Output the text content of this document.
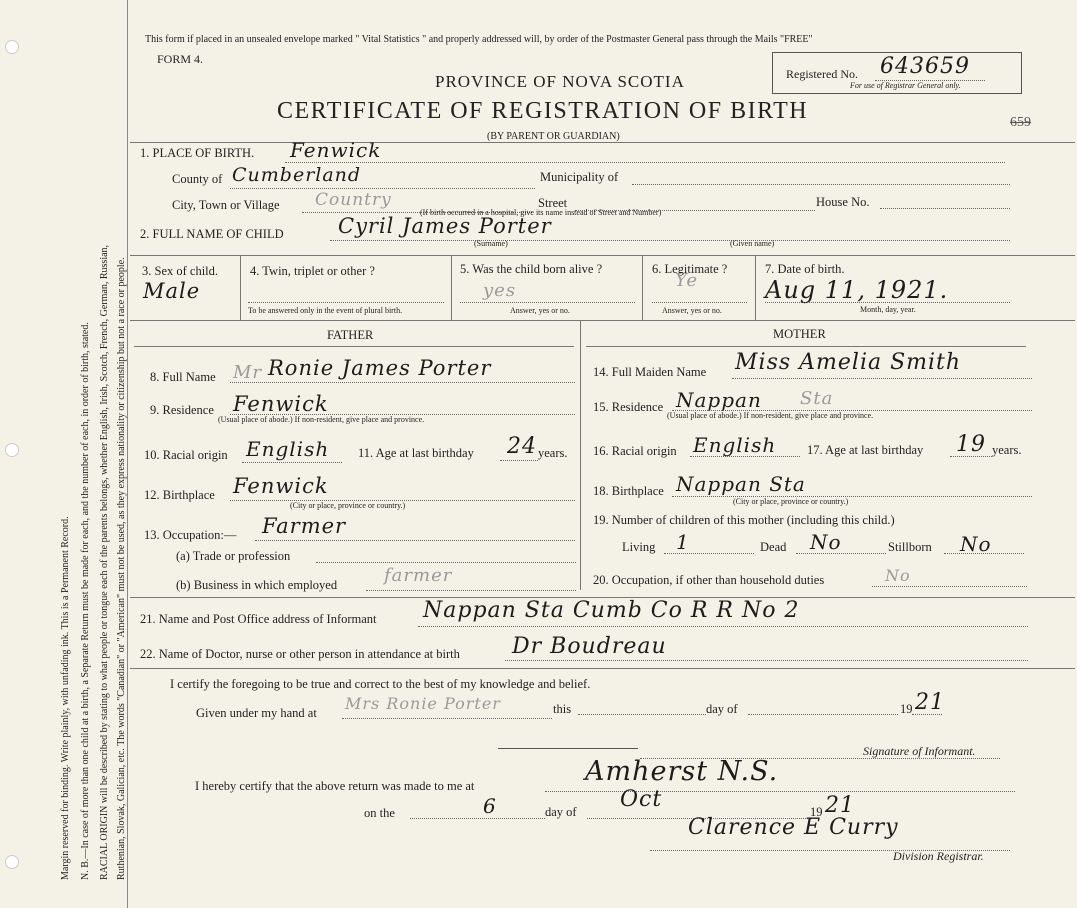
Margin reserved for binding. Write plainly, with unfading ink. This is a Permanent Record. N. B.—In case of more than one child at a birth, a Separate Return must be made for each, and the number of each, in order of birth, stated. RACIAL ORIGIN will be described by stating to what people or tongue each of the parents belongs, whether English, Irish, Scotch, French, German, Russian, Ruthenian, Slovak, Galician, etc. The words "Canadian" or "American" must not be used, as they express nationality or citizenship but not a race or people.
This form if placed in an unsealed envelope marked " Vital Statistics " and properly addressed will, by order of the Postmaster General pass through the Mails "FREE"
FORM 4.
Registered No. 643659
For use of Registrar General only.
659
PROVINCE OF NOVA SCOTIA
CERTIFICATE OF REGISTRATION OF BIRTH
(BY PARENT OR GUARDIAN)
1. PLACE OF BIRTH. Fenwick
County of Cumberland	Municipality of
City, Town or Village Country	Street	House No.
(If birth occurred in a hospital, give its name instead of Street and Number)
2. FULL NAME OF CHILD	Cyril James Porter
(Surname)	(Given name)
3. Sex of child.
Male
4. Twin, triplet or other ?
To be answered only in the event of plural birth.
5. Was the child born alive ?
yes
Answer, yes or no.
6. Legitimate ?
Ye
Answer, yes or no.
7. Date of birth.
Aug 11, 1921.
Month, day, year.
FATHER	MOTHER
8. Full Name Mr Ronie James Porter
9. Residence Fenwick
(Usual place of abode.) If non-resident, give place and province.
10. Racial origin English 11. Age at last birthday 24 years.
12. Birthplace Fenwick
(City or place, province or country.)
13. Occupation:— Farmer
(a) Trade or profession
(b) Business in which employed	farmer
14. Full Maiden Name Miss Amelia Smith
15. Residence Nappan Sta
(Usual place of abode.) If non-resident, give place and province.
16. Racial origin English 17. Age at last birthday 19 years.
18. Birthplace Nappan Sta
(City or place, province or country.)
19. Number of children of this mother (including this child.)
Living 1	Dead No	Stillborn No
20. Occupation, if other than household duties	No
21. Name and Post Office address of Informant Nappan Sta Cumb Co R R No 2
22. Name of Doctor, nurse or other person in attendance at birth Dr Boudreau
I certify the foregoing to be true and correct to the best of my knowledge and belief.
Given under my hand at Mrs Ronie Porter	this	day of	19 21
Signature of Informant.
I hereby certify that the above return was made to me at	Amherst N.S.
on the	6	day of Oct	19 21
Clarence E Curry
Division Registrar.
